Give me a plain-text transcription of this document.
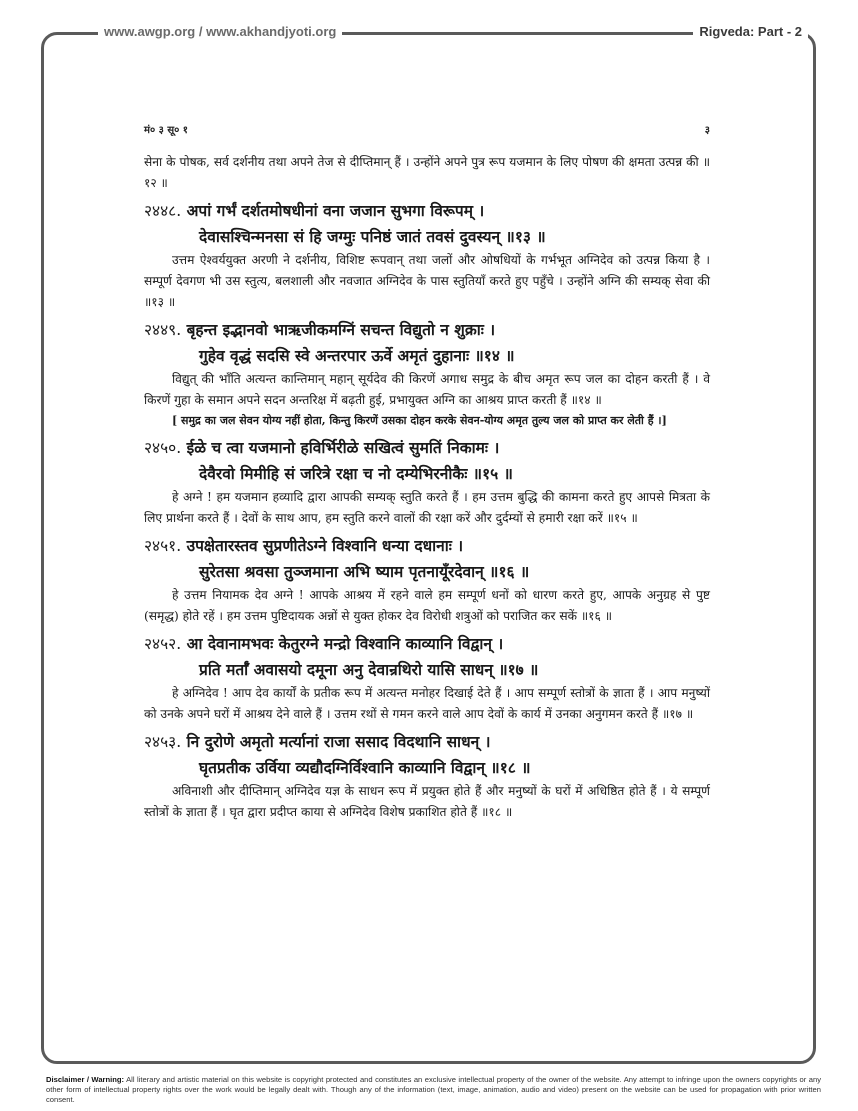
www.awgp.org / www.akhandjyoti.org	Rigveda: Part - 2
मं० ३ सू० १	३

सेना के पोषक, सर्व दर्शनीय तथा अपने तेज से दीप्तिमान् हैं । उन्होंने अपने पुत्र रूप यजमान के लिए पोषण की क्षमता उत्पन्न की ॥१२ ॥

२४४८. अपां गर्भं दर्शतमोषधीनां वना जजान सुभगा विरूपम् ।
देवासश्चिन्मनसा सं हि जग्मुः पनिष्ठं जातं तवसं दुवस्यन् ॥१३ ॥

उत्तम ऐश्वर्ययुक्त अरणी ने दर्शनीय, विशिष्ट रूपवान् तथा जलों और ओषधियों के गर्भभूत अग्निदेव को उत्पन्न किया है । सम्पूर्ण देवगण भी उस स्तुत्य, बलशाली और नवजात अग्निदेव के पास स्तुतियाँ करते हुए पहुँचे । उन्होंने अग्नि की सम्यक् सेवा की ॥१३ ॥

२४४९. बृहन्त इद्भानवो भाऋजीकमग्निं सचन्त विद्युतो न शुक्राः ।
गुहेव वृद्धं सदसि स्वे अन्तरपार ऊर्वे अमृतं दुहानाः ॥१४ ॥

विद्युत् की भाँति अत्यन्त कान्तिमान् महान् सूर्यदेव की किरणें अगाध समुद्र के बीच अमृत रूप जल का दोहन करती हैं । वे किरणें गुहा के समान अपने सदन अन्तरिक्ष में बढ़ती हुई, प्रभायुक्त अग्नि का आश्रय प्राप्त करती हैं ॥१४ ॥

[ समुद्र का जल सेवन योग्य नहीं होता, किन्तु किरणें उसका दोहन करके सेवन-योग्य अमृत तुल्य जल को प्राप्त कर लेती हैं ।]

२४५०. ईळे च त्वा यजमानो हविर्भिरीळे सखित्वं सुमतिं निकामः ।
देवैरवो मिमीहि सं जरित्रे रक्षा च नो दम्येभिरनीकैः ॥१५ ॥

हे अग्ने ! हम यजमान हव्यादि द्वारा आपकी सम्यक् स्तुति करते हैं । हम उत्तम बुद्धि की कामना करते हुए आपसे मित्रता के लिए प्रार्थना करते हैं । देवों के साथ आप, हम स्तुति करने वालों की रक्षा करें और दुर्दम्यों से हमारी रक्षा करें ॥१५ ॥

२४५१. उपक्षेतारस्तव सुप्रणीतेऽग्ने विश्वानि धन्या दधानाः ।
सुरेतसा श्रवसा तुञ्जमाना अभि ष्याम पृतनायूँरदेवान् ॥१६ ॥

हे उत्तम नियामक देव अग्ने ! आपके आश्रय में रहने वाले हम सम्पूर्ण धनों को धारण करते हुए, आपके अनुग्रह से पुष्ट (समृद्ध) होते रहें । हम उत्तम पुष्टिदायक अन्नों से युक्त होकर देव विरोधी शत्रुओं को पराजित कर सकें ॥१६ ॥

२४५२. आ देवानामभवः केतुरग्ने मन्द्रो विश्वानि काव्यानि विद्वान् ।
प्रति मर्ताँ अवासयो दमूना अनु देवान्रथिरो यासि साधन् ॥१७ ॥

हे अग्निदेव ! आप देव कार्यों के प्रतीक रूप में अत्यन्त मनोहर दिखाई देते हैं । आप सम्पूर्ण स्तोत्रों के ज्ञाता हैं । आप मनुष्यों को उनके अपने घरों में आश्रय देने वाले हैं । उत्तम रथों से गमन करने वाले आप देवों के कार्य में उनका अनुगमन करते हैं ॥१७ ॥

२४५३. नि दुरोणे अमृतो मर्त्यानां राजा ससाद विदथानि साधन् ।
घृतप्रतीक उर्विया व्यद्यौदग्निर्विश्वानि काव्यानि विद्वान् ॥१८ ॥

अविनाशी और दीप्तिमान् अग्निदेव यज्ञ के साधन रूप में प्रयुक्त होते हैं और मनुष्यों के घरों में अधिष्ठित होते हैं । ये सम्पूर्ण स्तोत्रों के ज्ञाता हैं । घृत द्वारा प्रदीप्त काया से अग्निदेव विशेष प्रकाशित होते हैं ॥१८ ॥

Disclaimer / Warning: All literary and artistic material on this website is copyright protected and constitutes an exclusive intellectual property of the owner of the website. Any attempt to infringe upon the owners copyrights or any other form of intellectual property rights over the work would be legally dealt with. Though any of the information (text, image, animation, audio and video) present on the website can be used for propagation with prior written consent.
